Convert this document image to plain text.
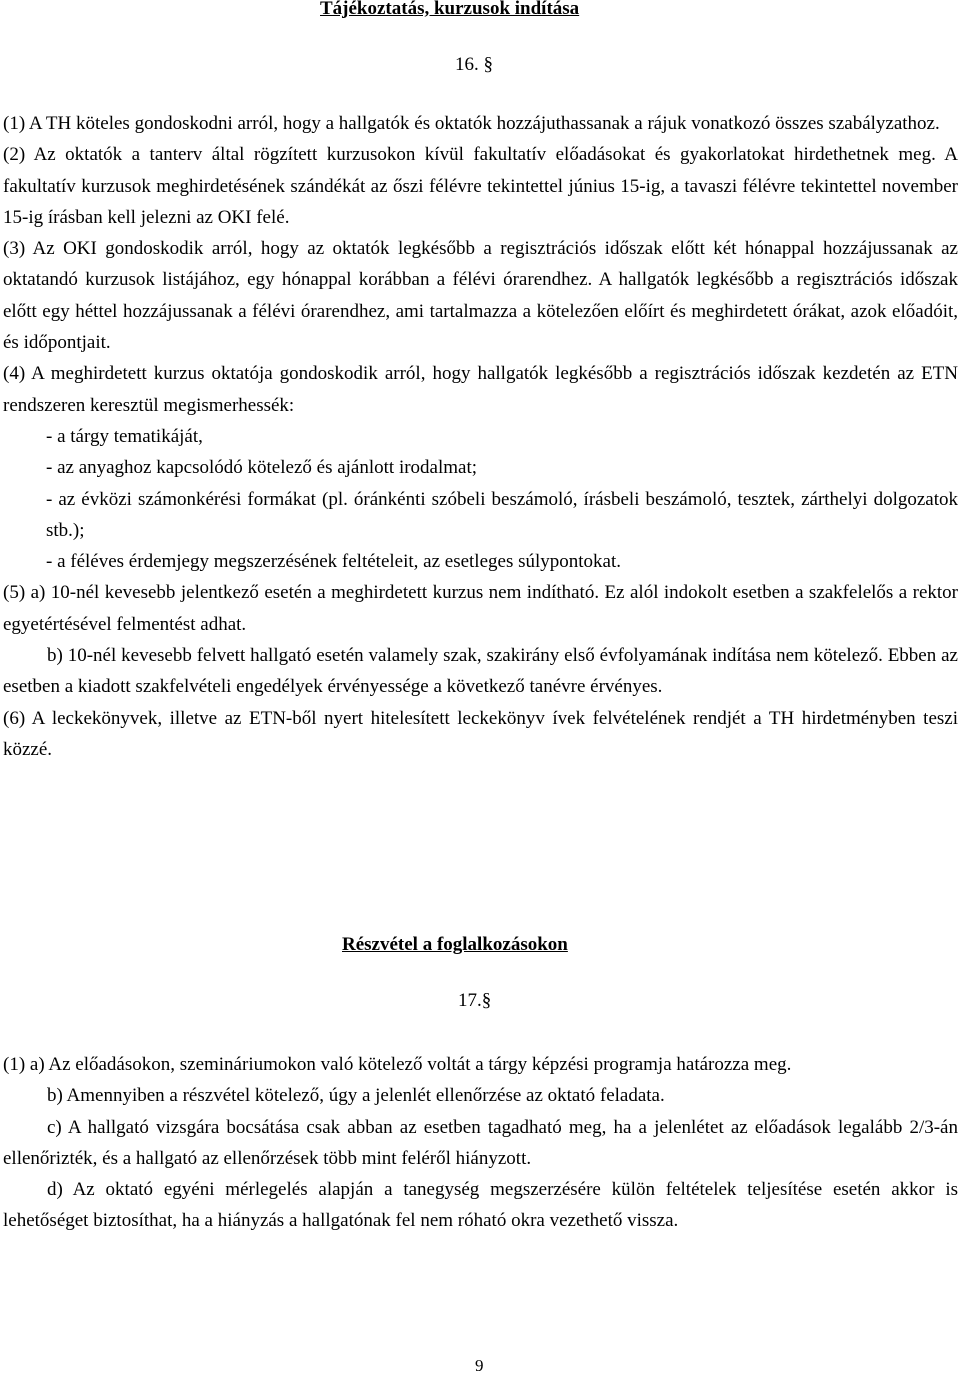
Tájékoztatás, kurzusok indítása
16. §

(1) A TH köteles gondoskodni arról, hogy a hallgatók és oktatók hozzájuthassanak a rájuk vonatkozó összes szabályzathoz.

(2) Az oktatók a tanterv által rögzített kurzusokon kívül fakultatív előadásokat és gyakorlatokat hirdethetnek meg. A fakultatív kurzusok meghirdetésének szándékát az őszi félévre tekintettel június 15-ig, a tavaszi félévre tekintettel november 15-ig írásban kell jelezni az OKI felé.

(3) Az OKI gondoskodik arról, hogy az oktatók legkésőbb a regisztrációs időszak előtt két hónappal hozzájussanak az oktatandó kurzusok listájához, egy hónappal korábban a félévi órarendhez. A hallgatók legkésőbb a regisztrációs időszak előtt egy héttel hozzájussanak a félévi órarendhez, ami tartalmazza a kötelezően előírt és meghirdetett órákat, azok előadóit, és időpontjait.

(4) A meghirdetett kurzus oktatója gondoskodik arról, hogy hallgatók legkésőbb a regisztrációs időszak kezdetén az ETN rendszeren keresztül megismerhessék:

- a tárgy tematikáját,

- az anyaghoz kapcsolódó kötelező és ajánlott irodalmat;

- az évközi számonkérési formákat (pl. óránkénti szóbeli beszámoló, írásbeli beszámoló, tesztek, zárthelyi dolgozatok stb.);

- a féléves érdemjegy megszerzésének feltételeit, az esetleges súlypontokat.

(5) a) 10-nél kevesebb jelentkező esetén a meghirdetett kurzus nem indítható. Ez alól indokolt esetben a szakfelelős a rektor egyetértésével felmentést adhat.

b) 10-nél kevesebb felvett hallgató esetén valamely szak, szakirány első évfolyamának indítása nem kötelező. Ebben az esetben a kiadott szakfelvételi engedélyek érvényessége a következő tanévre érvényes.

(6) A leckekönyvek, illetve az ETN-ből nyert hitelesített leckekönyv ívek felvételének rendjét a TH hirdetményben teszi közzé.

Részvétel a foglalkozásokon
17.§

(1) a) Az előadásokon, szemináriumokon való kötelező voltát a tárgy képzési programja határozza meg.

b) Amennyiben a részvétel kötelező, úgy a jelenlét ellenőrzése az oktató feladata.

c) A hallgató vizsgára bocsátása csak abban az esetben tagadható meg, ha a jelenlétet az előadások legalább 2/3-án ellenőrizték, és a hallgató az ellenőrzések több mint feléről hiányzott.

d) Az oktató egyéni mérlegelés alapján a tanegység megszerzésére külön feltételek teljesítése esetén akkor is lehetőséget biztosíthat, ha a hiányzás a hallgatónak fel nem róható okra vezethető vissza.

9
